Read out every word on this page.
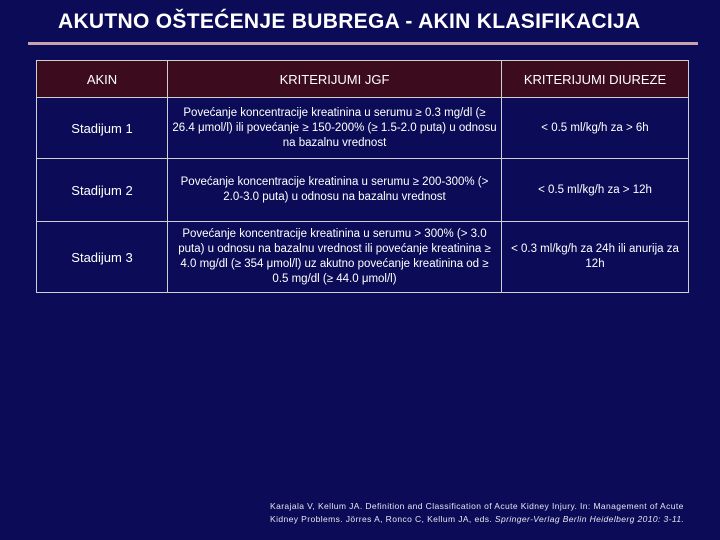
AKUTNO OŠTEĆENJE BUBREGA - AKIN KLASIFIKACIJA
AKIN	KRITERIJUMI JGF	KRITERIJUMI DIUREZE
Stadijum 1	Povećanje koncentracije kreatinina u serumu ≥ 0.3 mg/dl (≥ 26.4 μmol/l) ili povećanje ≥ 150-200% (≥ 1.5-2.0 puta) u odnosu na bazalnu vrednost	< 0.5 ml/kg/h za > 6h
Stadijum 2	Povećanje koncentracije kreatinina u serumu ≥ 200-300% (> 2.0-3.0 puta) u odnosu na bazalnu vrednost	< 0.5 ml/kg/h za > 12h
Stadijum 3	Povećanje koncentracije kreatinina u serumu > 300% (> 3.0 puta) u odnosu na bazalnu vrednost ili povećanje kreatinina ≥ 4.0 mg/dl (≥ 354 μmol/l) uz akutno povećanje kreatinina od ≥ 0.5 mg/dl (≥ 44.0 μmol/l)	< 0.3 ml/kg/h za 24h ili anurija za 12h
Karajala V, Kellum JA. Definition and Classification of Acute Kidney Injury. In: Management of Acute Kidney Problems. Jörres A, Ronco C, Kellum JA, eds. Springer-Verlag Berlin Heidelberg 2010: 3-11.
